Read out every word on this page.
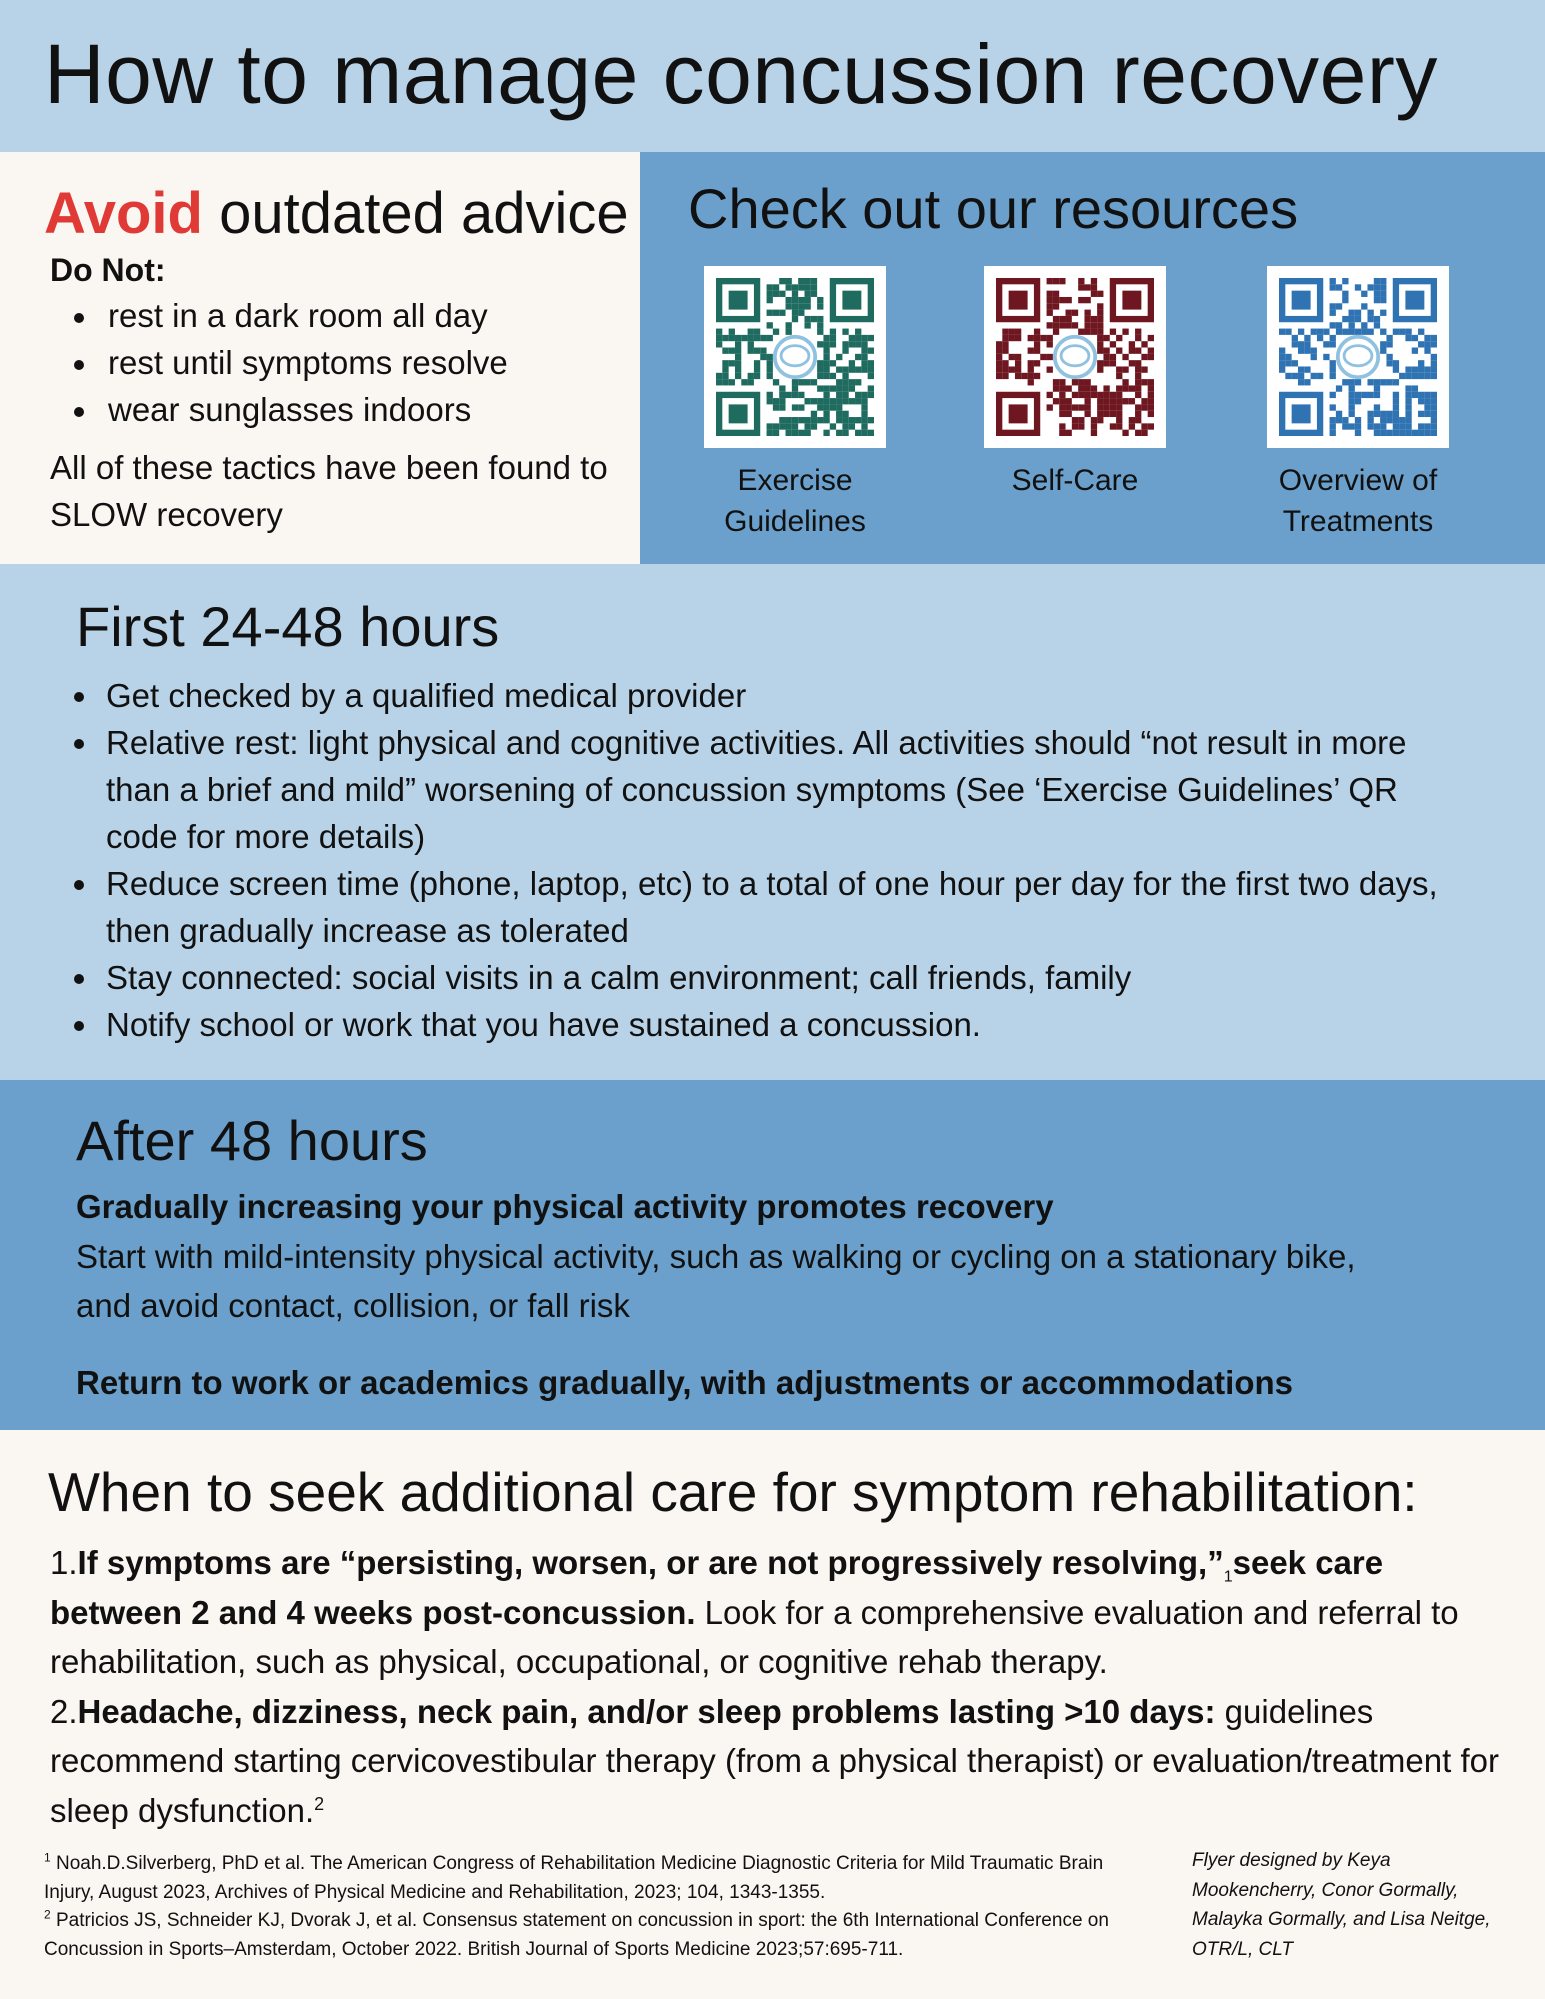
How to manage concussion recovery
Avoid outdated advice
Do Not:
rest in a dark room all day
rest until symptoms resolve
wear sunglasses indoors
All of these tactics have been found to SLOW recovery
Check out our resources
Exercise Guidelines
Self-Care	Overview of Treatments
First 24-48 hours
Get checked by a qualified medical provider
Relative rest: light physical and cognitive activities. All activities should “not result in more than a brief and mild” worsening of concussion symptoms (See ‘Exercise Guidelines’ QR code for more details)
Reduce screen time (phone, laptop, etc) to a total of one hour per day for the first two days, then gradually increase as tolerated
Stay connected: social visits in a calm environment; call friends, family
Notify school or work that you have sustained a concussion.
After 48 hours
Gradually increasing your physical activity promotes recovery
Start with mild-intensity physical activity, such as walking or cycling on a stationary bike, and avoid contact, collision, or fall risk
Return to work or academics gradually, with adjustments or accommodations
When to seek additional care for symptom rehabilitation:
1.If symptoms are “persisting, worsen, or are not progressively $resolving,”_1seek$ care between 2 and 4 weeks post-concussion. Look for a comprehensive evaluation and referral to rehabilitation, such as physical, occupational, or cognitive rehab therapy.
2.Headache, dizziness, neck pain, and/or sleep problems lasting >10 days: guidelines recommend starting cervicovestibular therapy (from a physical therapist) or evaluation/treatment for sleep dysfunction.$^2$
$^1$ Noah.D.Silverberg, PhD et al. The American Congress of Rehabilitation Medicine Diagnostic Criteria for Mild Traumatic Brain Injury, August 2023, Archives of Physical Medicine and Rehabilitation, 2023; 104, 1343-1355.
$^2$ Patricios JS, Schneider KJ, Dvorak J, et al. Consensus statement on concussion in sport: the 6th International Conference on Concussion in Sports–Amsterdam, October 2022. British Journal of Sports Medicine 2023;57:695-711.
Flyer designed by Keya Mookencherry, Conor Gormally, Malayka Gormally, and Lisa Neitge, OTR/L, CLT
